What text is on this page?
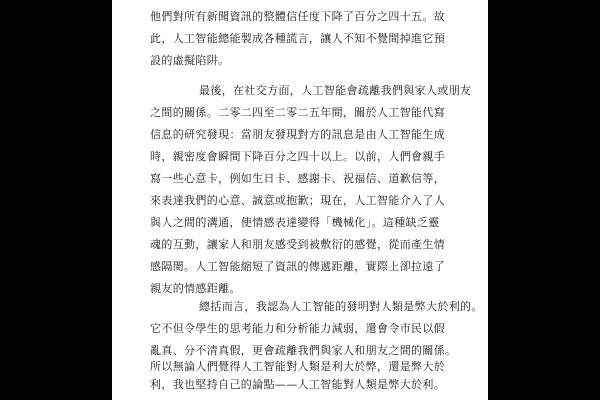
他們對所有新聞資訊的整體信任度下降了百分之四十五。故
此，人工智能總能製成各種謊言，讓人不知不覺間掉進它預
設的虛擬陷阱。
最後，在社交方面，人工智能會疏離我們與家人或朋友
之間的關係。二零二四至二零二五年間，關於人工智能代寫
信息的研究發現：當朋友發現對方的訊息是由人工智能生成
時，親密度會瞬間下降百分之四十以上。以前，人們會親手
寫一些心意卡，例如生日卡、感謝卡、祝福信、道歉信等，
來表達我們的心意、誠意或抱歉；現在，人工智能介入了人
與人之間的溝通，使情感表達變得「機械化」。這種缺乏靈
魂的互動，讓家人和朋友感受到被敷衍的感覺，從而產生情
感隔閡。人工智能縮短了資訊的傳遞距離，實際上卻拉遠了
親友的情感距離。
總括而言，我認為人工智能的發明對人類是弊大於利的。
它不但令學生的思考能力和分析能力減弱，還會令市民以假
亂真、分不清真假，更會疏離我們與家人和朋友之間的關係。
所以無論人們覺得人工智能對人類是利大於弊，還是弊大於
利，我也堅持自己的論點——人工智能對人類是弊大於利。
